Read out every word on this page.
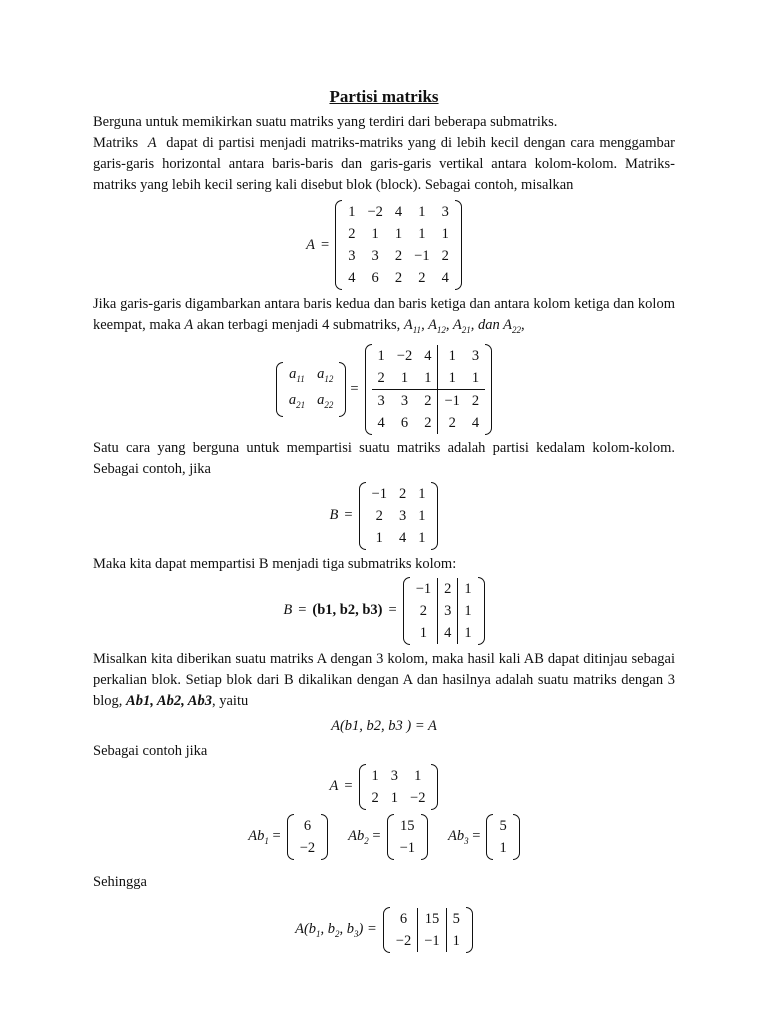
Partisi matriks

Berguna untuk memikirkan suatu matriks yang terdiri dari beberapa submatriks.

Matriks A dapat di partisi menjadi matriks-matriks yang di lebih kecil dengan cara menggambar garis-garis horizontal antara baris-baris dan garis-garis vertikal antara kolom-kolom. Matriks-matriks yang lebih kecil sering kali disebut blok (block). Sebagai contoh, misalkan

A =
1	−2	4	1	3
2	1	1	1	1
3	3	2	−1	2
4	6	2	2	4

Jika garis-garis digambarkan antara baris kedua dan baris ketiga dan antara kolom ketiga dan kolom keempat, maka A akan terbagi menjadi 4 submatriks, $A_{11}$, $A_{12}$, $A_{21}$, dan $A_{22}$,

$a_{11}$	$a_{12}$
$a_{21}$	$a_{22}$
=
1	−2	4	1	3
2	1	1	1	1
3	3	2	−1	2
4	6	2	2	4

Satu cara yang berguna untuk mempartisi suatu matriks adalah partisi kedalam kolom-kolom. Sebagai contoh, jika

B =
−1	2	1
2	3	1
1	4	1

Maka kita dapat mempartisi B menjadi tiga submatriks kolom:

B = (b1, b2, b3) =
−1	2	1
2	3	1
1	4	1

Misalkan kita diberikan suatu matriks A dengan 3 kolom, maka hasil kali AB dapat ditinjau sebagai perkalian blok. Setiap blok dari B dikalikan dengan A dan hasilnya adalah suatu matriks dengan 3 blog, Ab1, Ab2, Ab3, yaitu

A(b1, b2, b3 ) = A

Sebagai contoh jika

A =
1	3	1
2	1	−2
$Ab_1$ =
6
−2
$Ab_2$ =
15
−1
$Ab_3$ =
5
1

Sehingga

$A(b_1$, $b_2$, $b_3$) =
6	15	5
−2	−1	1
